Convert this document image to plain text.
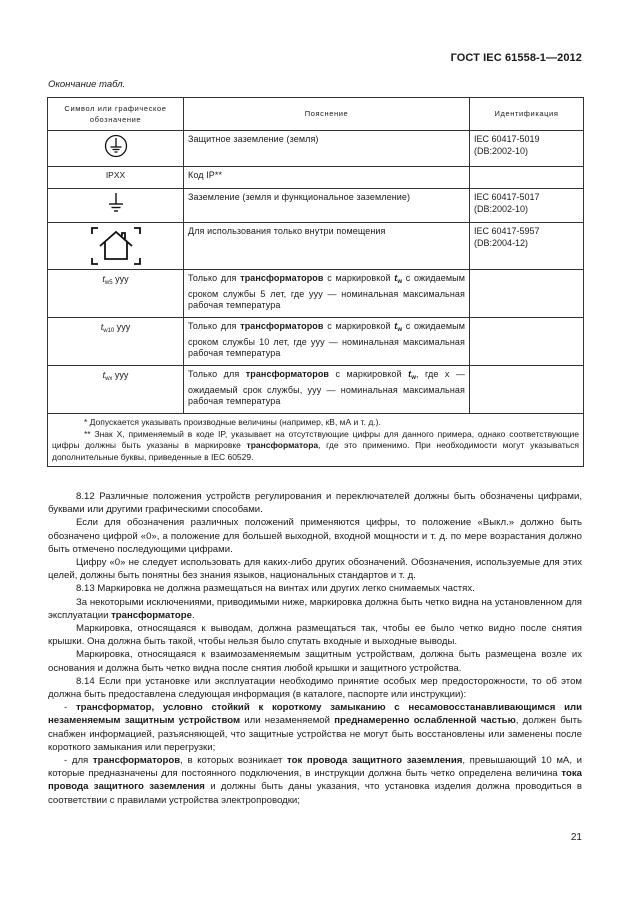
ГОСТ IEC 61558-1—2012
Окончание табл.
Символ или графическое обозначение	Пояснение	Идентификация

	Защитное заземление (земля)	IEC 60417-5019
(DB:2002-10)

IPXX	Код IP**	

	Заземление (земля и функциональное заземление)	IEC 60417-5017
(DB:2002-10)

	Для использования только внутри помещения	IEC 60417-5957
(DB:2004-12)

$t_{w5}$ yyy	Только для трансформаторов с маркировкой $t_w$ с ожидаемым сроком службы 5 лет, где yyy — номинальная максимальная рабочая температура	
$t_{w10}$ yyy	Только для трансформаторов с маркировкой $t_w$ с ожидаемым сроком службы 10 лет, где yyy — номинальная максимальная рабочая температура	
$t_{wx}$ yyy	Только для трансформаторов с маркировкой $t_w$, где x — ожидаемый срок службы, yyy — номинальная максимальная рабочая температура	

* Допускается указывать производные величины (например, кВ, мА и т. д.).

** Знак X, применяемый в коде IP, указывает на отсутствующие цифры для данного примера, однако соответствующие цифры должны быть указаны в маркировке трансформатора, где это применимо. При необходимости могут указываться дополнительные буквы, приведенные в IEC 60529.		

8.12 Различные положения устройств регулирования и переключателей должны быть обозначены цифрами, буквами или другими графическими способами.

Если для обозначения различных положений применяются цифры, то положение «Выкл.» должно быть обозначено цифрой «0», а положение для большей выходной, входной мощности и т. д. по мере возрастания должно быть отмечено последующими цифрами.

Цифру «0» не следует использовать для каких-либо других обозначений. Обозначения, используемые для этих целей, должны быть понятны без знания языков, национальных стандартов и т. д.

8.13 Маркировка не должна размещаться на винтах или других легко снимаемых частях.

За некоторыми исключениями, приводимыми ниже, маркировка должна быть четко видна на установленном для эксплуатации трансформаторе.

Маркировка, относящаяся к выводам, должна размещаться так, чтобы ее было четко видно после снятия крышки. Она должна быть такой, чтобы нельзя было спутать входные и выходные выводы.

Маркировка, относящаяся к взаимозаменяемым защитным устройствам, должна быть размещена возле их основания и должна быть четко видна после снятия любой крышки и защитного устройства.

8.14 Если при установке или эксплуатации необходимо принятие особых мер предосторожности, то об этом должна быть предоставлена следующая информация (в каталоге, паспорте или инструкции):

- трансформатор, условно стойкий к короткому замыканию с несамовосстанавливающимся или незаменяемым защитным устройством или незаменяемой преднамеренно ослабленной частью, должен быть снабжен информацией, разъясняющей, что защитные устройства не могут быть восстановлены или заменены после короткого замыкания или перегрузки;

- для трансформаторов, в которых возникает ток провода защитного заземления, превышающий 10 мА, и которые предназначены для постоянного подключения, в инструкции должна быть четко определена величина тока провода защитного заземления и должны быть даны указания, что установка изделия должна проводиться в соответствии с правилами устройства электропроводки;

21
